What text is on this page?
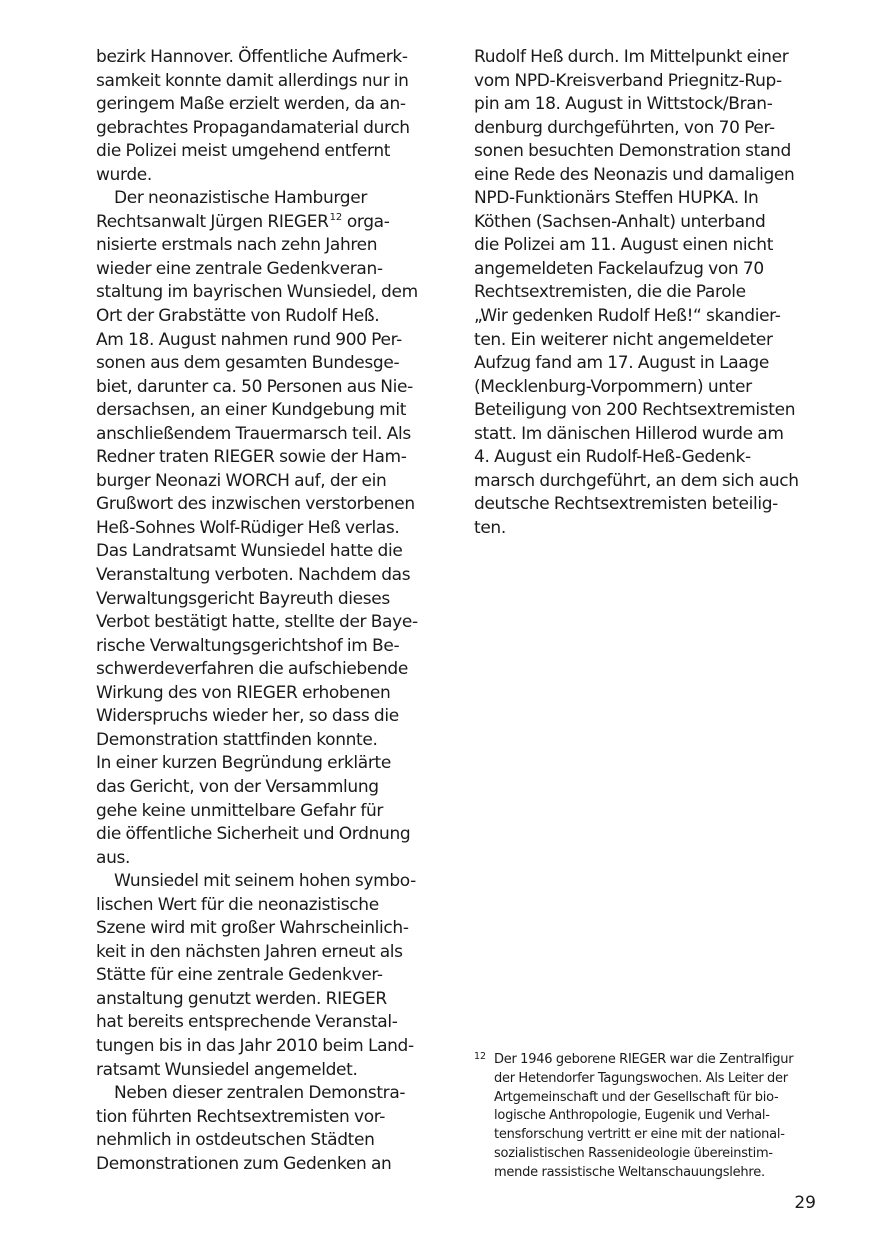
bezirk Hannover. Öffentliche Aufmerk-
samkeit konnte damit allerdings nur in
geringem Maße erzielt werden, da an-
gebrachtes Propagandamaterial durch
die Polizei meist umgehend entfernt
wurde.
Der neonazistische Hamburger
Rechtsanwalt Jürgen RIEGER$^{12}$ orga-
nisierte erstmals nach zehn Jahren
wieder eine zentrale Gedenkveran-
staltung im bayrischen Wunsiedel, dem
Ort der Grabstätte von Rudolf Heß.
Am 18. August nahmen rund 900 Per-
sonen aus dem gesamten Bundesge-
biet, darunter ca. 50 Personen aus Nie-
dersachsen, an einer Kundgebung mit
anschließendem Trauermarsch teil. Als
Redner traten RIEGER sowie der Ham-
burger Neonazi WORCH auf, der ein
Grußwort des inzwischen verstorbenen
Heß-Sohnes Wolf-Rüdiger Heß verlas.
Das Landratsamt Wunsiedel hatte die
Veranstaltung verboten. Nachdem das
Verwaltungsgericht Bayreuth dieses
Verbot bestätigt hatte, stellte der Baye-
rische Verwaltungsgerichtshof im Be-
schwerdeverfahren die aufschiebende
Wirkung des von RIEGER erhobenen
Widerspruchs wieder her, so dass die
Demonstration stattfinden konnte.
In einer kurzen Begründung erklärte
das Gericht, von der Versammlung
gehe keine unmittelbare Gefahr für
die öffentliche Sicherheit und Ordnung
aus.
Wunsiedel mit seinem hohen symbo-
lischen Wert für die neonazistische
Szene wird mit großer Wahrscheinlich-
keit in den nächsten Jahren erneut als
Stätte für eine zentrale Gedenkver-
anstaltung genutzt werden. RIEGER
hat bereits entsprechende Veranstal-
tungen bis in das Jahr 2010 beim Land-
ratsamt Wunsiedel angemeldet.
Neben dieser zentralen Demonstra-
tion führten Rechtsextremisten vor-
nehmlich in ostdeutschen Städten
Demonstrationen zum Gedenken an
Rudolf Heß durch. Im Mittelpunkt einer
vom NPD-Kreisverband Priegnitz-Rup-
pin am 18. August in Wittstock/Bran-
denburg durchgeführten, von 70 Per-
sonen besuchten Demonstration stand
eine Rede des Neonazis und damaligen
NPD-Funktionärs Steffen HUPKA. In
Köthen (Sachsen-Anhalt) unterband
die Polizei am 11. August einen nicht
angemeldeten Fackelaufzug von 70
Rechtsextremisten, die die Parole
„Wir gedenken Rudolf Heß!“ skandier-
ten. Ein weiterer nicht angemeldeter
Aufzug fand am 17. August in Laage
(Mecklenburg-Vorpommern) unter
Beteiligung von 200 Rechtsextremisten
statt. Im dänischen Hillerod wurde am
4. August ein Rudolf-Heß-Gedenk-
marsch durchgeführt, an dem sich auch
deutsche Rechtsextremisten beteilig-
ten.
12 Der 1946 geborene RIEGER war die Zentralfigur
der Hetendorfer Tagungswochen. Als Leiter der
Artgemeinschaft und der Gesellschaft für bio-
logische Anthropologie, Eugenik und Verhal-
tensforschung vertritt er eine mit der national-
sozialistischen Rassenideologie übereinstim-
mende rassistische Weltanschauungslehre.
29
